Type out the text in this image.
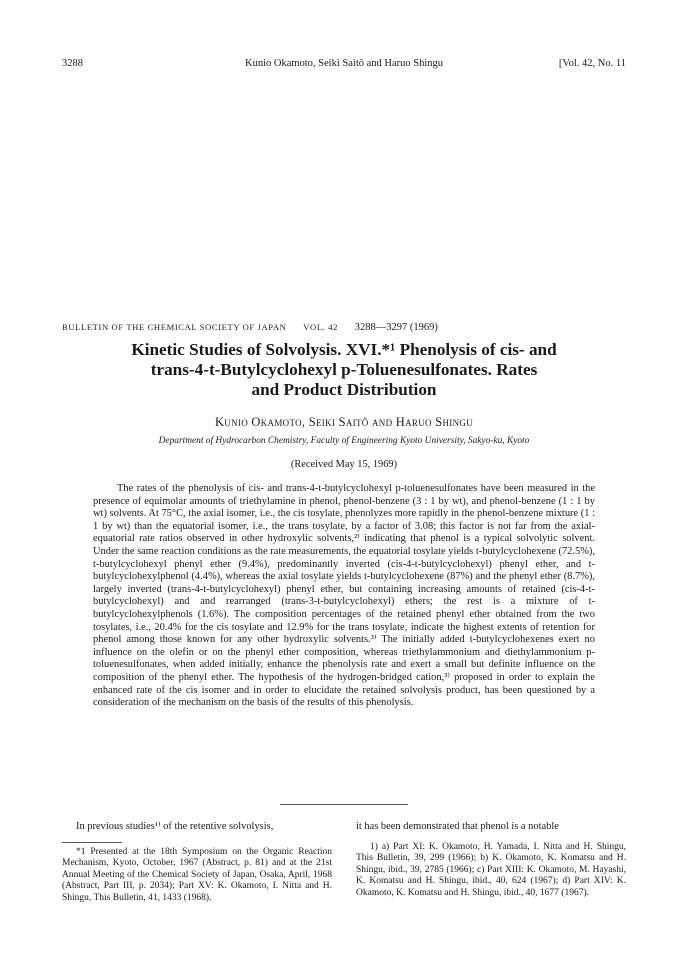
3288	Kunio Okamoto, Seiki Saitô and Haruo Shingu	[Vol. 42, No. 11
BULLETIN OF THE CHEMICAL SOCIETY OF JAPAN VOL. 42 3288—3297 (1969)
Kinetic Studies of Solvolysis. XVI.*¹ Phenolysis of cis- and
trans-4-t-Butylcyclohexyl p-Toluenesulfonates. Rates
and Product Distribution
Kunio Okamoto, Seiki Saitô and Haruo Shingu
Department of Hydrocarbon Chemistry, Faculty of Engineering Kyoto University, Sakyo-ku, Kyoto
(Received May 15, 1969)

The rates of the phenolysis of cis- and trans-4-t-butylcyclohexyl p-toluenesulfonates have been measured in the presence of equimolar amounts of triethylamine in phenol, phenol-benzene (3 : 1 by wt), and phenol-benzene (1 : 1 by wt) solvents. At 75°C, the axial isomer, i.e., the cis tosylate, phenolyzes more rapidly in the phenol-benzene mixture (1 : 1 by wt) than the equatorial isomer, i.e., the trans tosylate, by a factor of 3.08; this factor is not far from the axial-equatorial rate ratios observed in other hydroxylic solvents,²⁾ indicating that phenol is a typical solvolytic solvent. Under the same reaction conditions as the rate measurements, the equatorial tosylate yields t-butylcyclohexene (72.5%), t-butylcyclohexyl phenyl ether (9.4%), predominantly inverted (cis-4-t-butylcyclohexyl) phenyl ether, and t-butylcyclohexylphenol (4.4%), whereas the axial tosylate yields t-butylcyclohexene (87%) and the phenyl ether (8.7%), largely inverted (trans-4-t-butylcyclohexyl) phenyl ether, but containing increasing amounts of retained (cis-4-t-butylcyclohexyl) and and rearranged (trans-3-t-butylcyclohexyl) ethers; the rest is a mixture of t-butylcyclohexylphenols (1.6%). The composition percentages of the retained phenyl ether obtained from the two tosylates, i.e., 20.4% for the cis tosylate and 12.9% for the trans tosylate, indicate the highest extents of retention for phenol among those known for any other hydroxylic solvents.³⁾ The initially added t-butylcyclohexenes exert no influence on the olefin or on the phenyl ether composition, whereas triethylammonium and diethylammonium p-toluenesulfonates, when added initially, enhance the phenolysis rate and exert a small but definite influence on the composition of the phenyl ether. The hypothesis of the hydrogen-bridged cation,³⁾ proposed in order to explain the enhanced rate of the cis isomer and in order to elucidate the retained solvolysis product, has been questioned by a consideration of the mechanism on the basis of the results of this phenolysis.

In previous studies¹⁾ of the retentive solvolysis,

*1 Presented at the 18th Symposium on the Organic Reaction Mechanism, Kyoto, October, 1967 (Abstract, p. 81) and at the 21st Annual Meeting of the Chemical Society of Japan, Osaka, April, 1968 (Abstract, Part III, p. 2034); Part XV: K. Okamoto, I. Nitta and H. Shingu, This Bulletin, 41, 1433 (1968).

it has been demonstrated that phenol is a notable

1) a) Part XI: K. Okamoto, H. Yamada, I. Nitta and H. Shingu, This Bulletin, 39, 299 (1966); b) K. Okamoto, K. Komatsu and H. Shingu, ibid., 39, 2785 (1966); c) Part XIII: K. Okamoto, M. Hayashi, K. Komatsu and H. Shingu, ibid., 40, 624 (1967); d) Part XIV: K. Okamoto, K. Komatsu and H. Shingu, ibid., 40, 1677 (1967).
